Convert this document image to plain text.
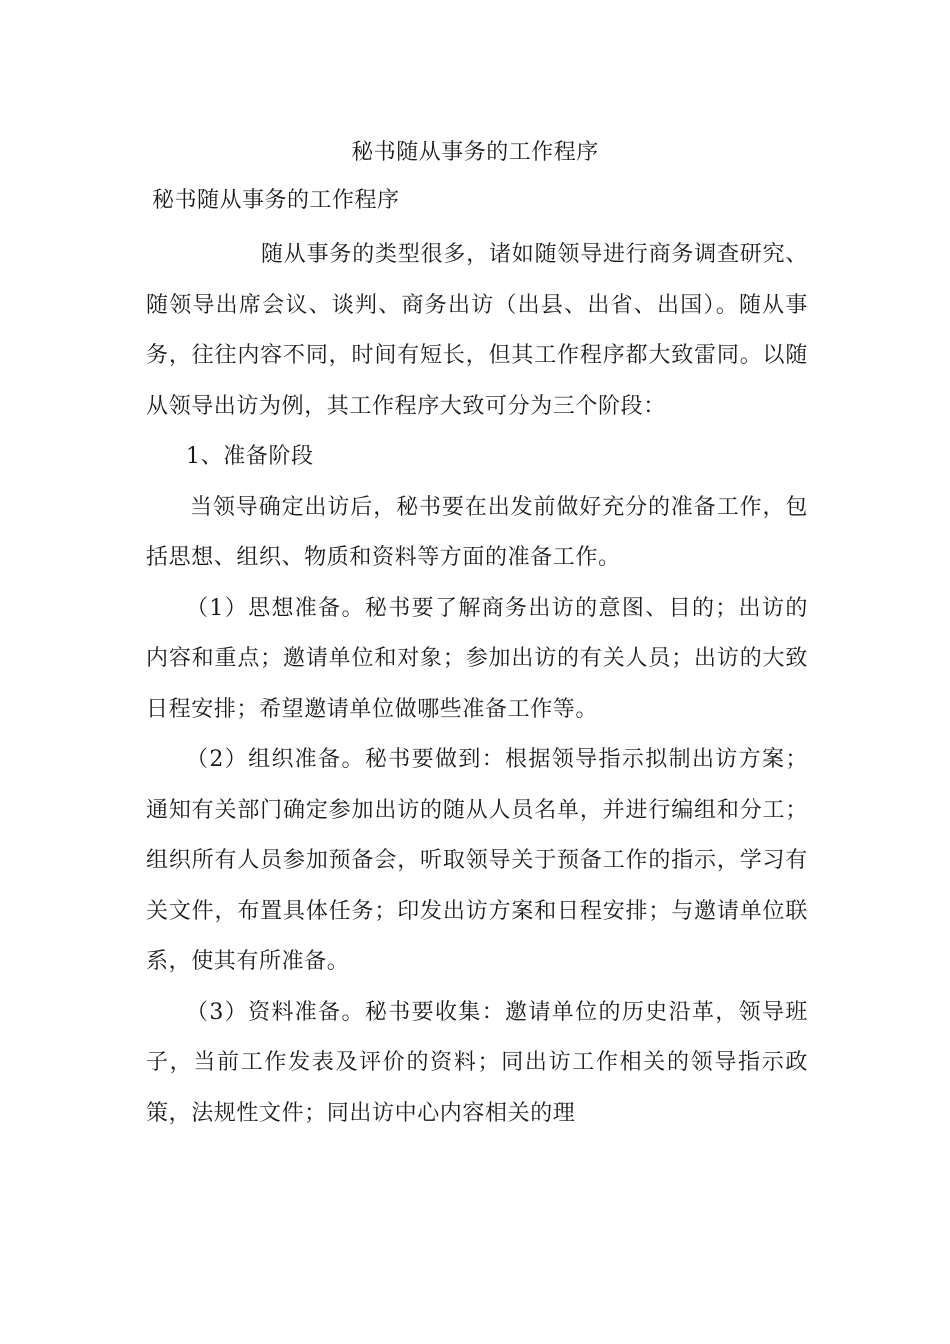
秘书随从事务的工作程序
秘书随从事务的工作程序

随从事务的类型很多，诸如随领导进行商务调查研究、随领导出席会议、谈判、商务出访（出县、出省、出国）。随从事务，往往内容不同，时间有短长，但其工作程序都大致雷同。以随从领导出访为例，其工作程序大致可分为三个阶段：

1、准备阶段

当领导确定出访后，秘书要在出发前做好充分的准备工作，包括思想、组织、物质和资料等方面的准备工作。

（1）思想准备。秘书要了解商务出访的意图、目的；出访的内容和重点；邀请单位和对象；参加出访的有关人员；出访的大致日程安排；希望邀请单位做哪些准备工作等。

（2）组织准备。秘书要做到：根据领导指示拟制出访方案；通知有关部门确定参加出访的随从人员名单，并进行编组和分工；组织所有人员参加预备会，听取领导关于预备工作的指示，学习有关文件，布置具体任务；印发出访方案和日程安排；与邀请单位联系，使其有所准备。

（3）资料准备。秘书要收集：邀请单位的历史沿革，领导班子，当前工作发表及评价的资料；同出访工作相关的领导指示政策，法规性文件；同出访中心内容相关的理
